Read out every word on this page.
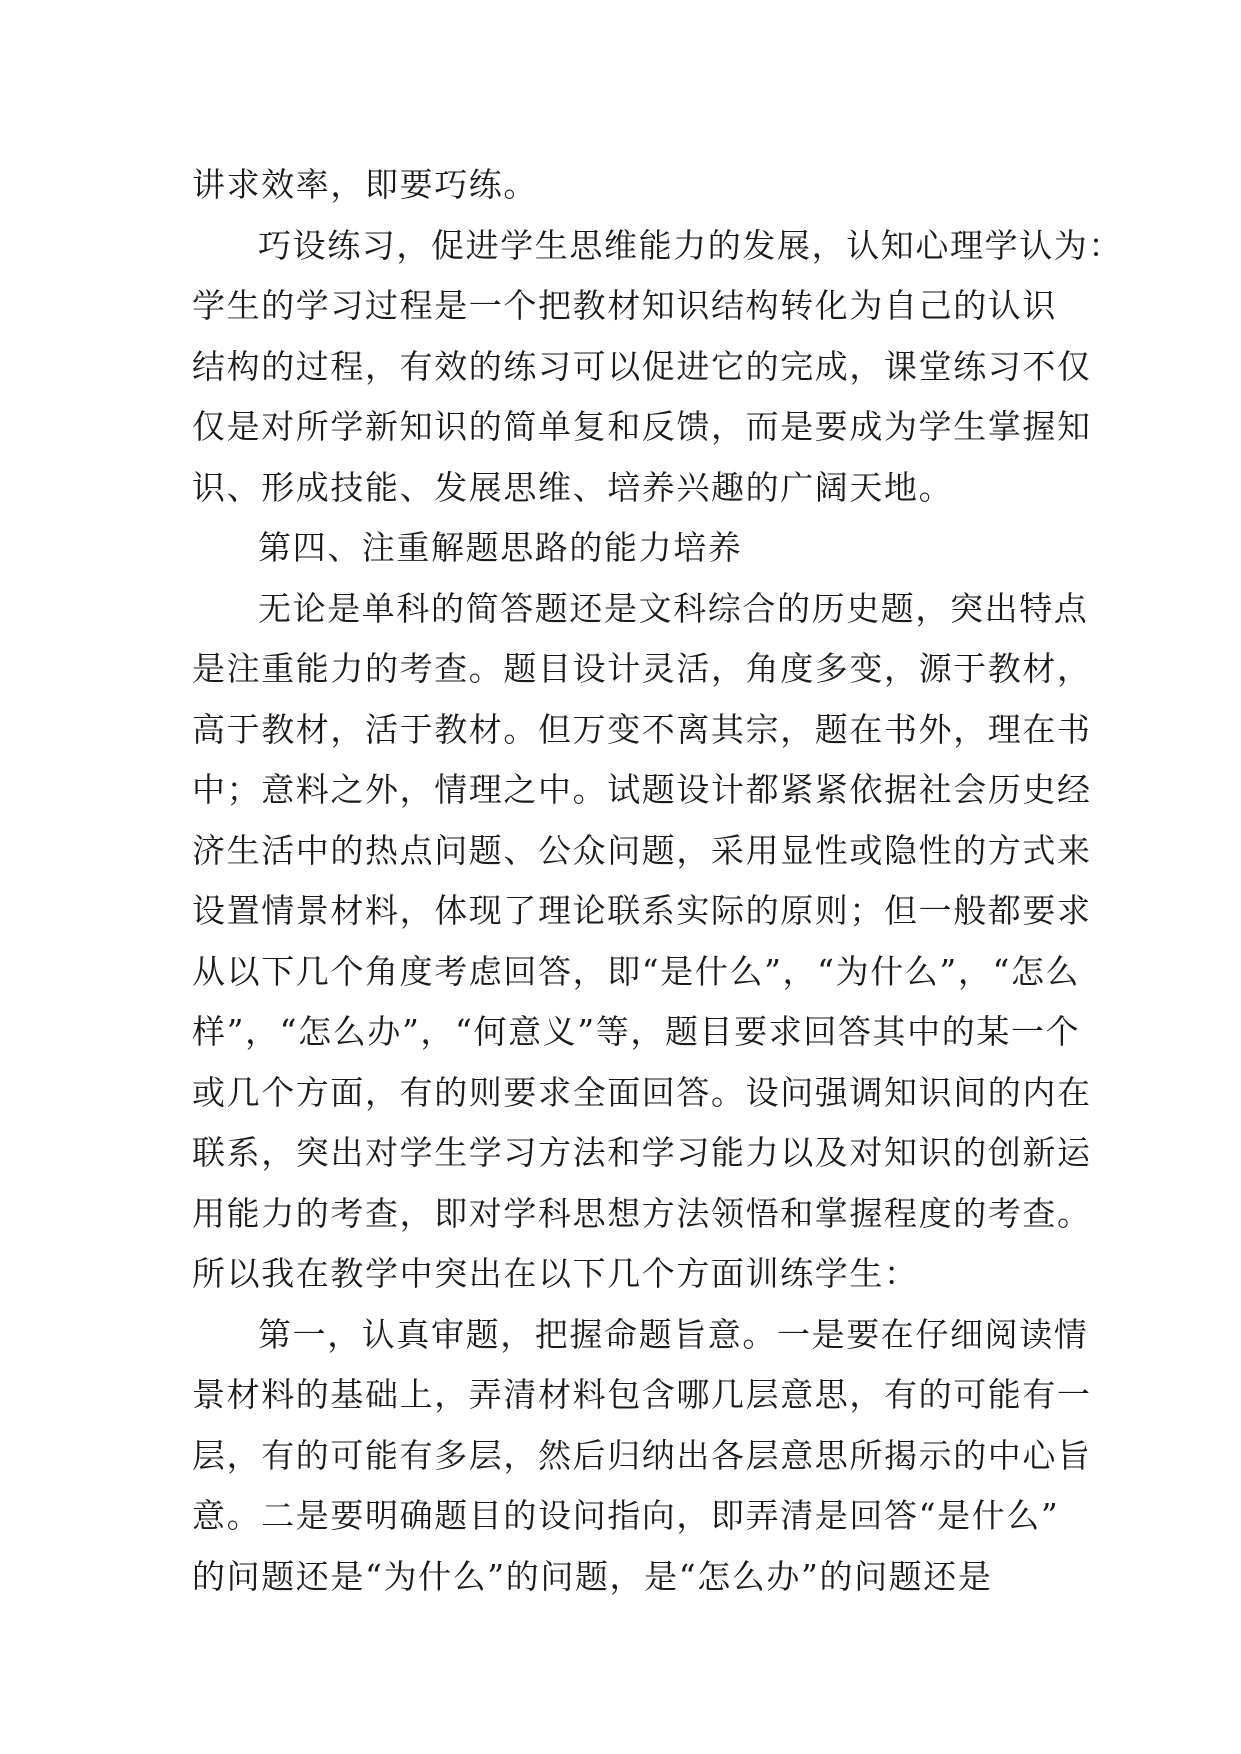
讲求效率，即要巧练。
巧设练习，促进学生思维能力的发展，认知心理学认为：
学生的学习过程是一个把教材知识结构转化为自己的认识
结构的过程，有效的练习可以促进它的完成，课堂练习不仅
仅是对所学新知识的简单复和反馈，而是要成为学生掌握知
识、形成技能、发展思维、培养兴趣的广阔天地。
第四、注重解题思路的能力培养
无论是单科的简答题还是文科综合的历史题，突出特点
是注重能力的考查。题目设计灵活，角度多变，源于教材，
高于教材，活于教材。但万变不离其宗，题在书外，理在书
中；意料之外，情理之中。试题设计都紧紧依据社会历史经
济生活中的热点问题、公众问题，采用显性或隐性的方式来
设置情景材料，体现了理论联系实际的原则；但一般都要求
从以下几个角度考虑回答，即“是什么”，“为什么”，“怎么
样”，“怎么办”，“何意义”等，题目要求回答其中的某一个
或几个方面，有的则要求全面回答。设问强调知识间的内在
联系，突出对学生学习方法和学习能力以及对知识的创新运
用能力的考查，即对学科思想方法领悟和掌握程度的考查。
所以我在教学中突出在以下几个方面训练学生：
第一，认真审题，把握命题旨意。一是要在仔细阅读情
景材料的基础上，弄清材料包含哪几层意思，有的可能有一
层，有的可能有多层，然后归纳出各层意思所揭示的中心旨
意。二是要明确题目的设问指向，即弄清是回答“是什么”
的问题还是“为什么”的问题，是“怎么办”的问题还是
